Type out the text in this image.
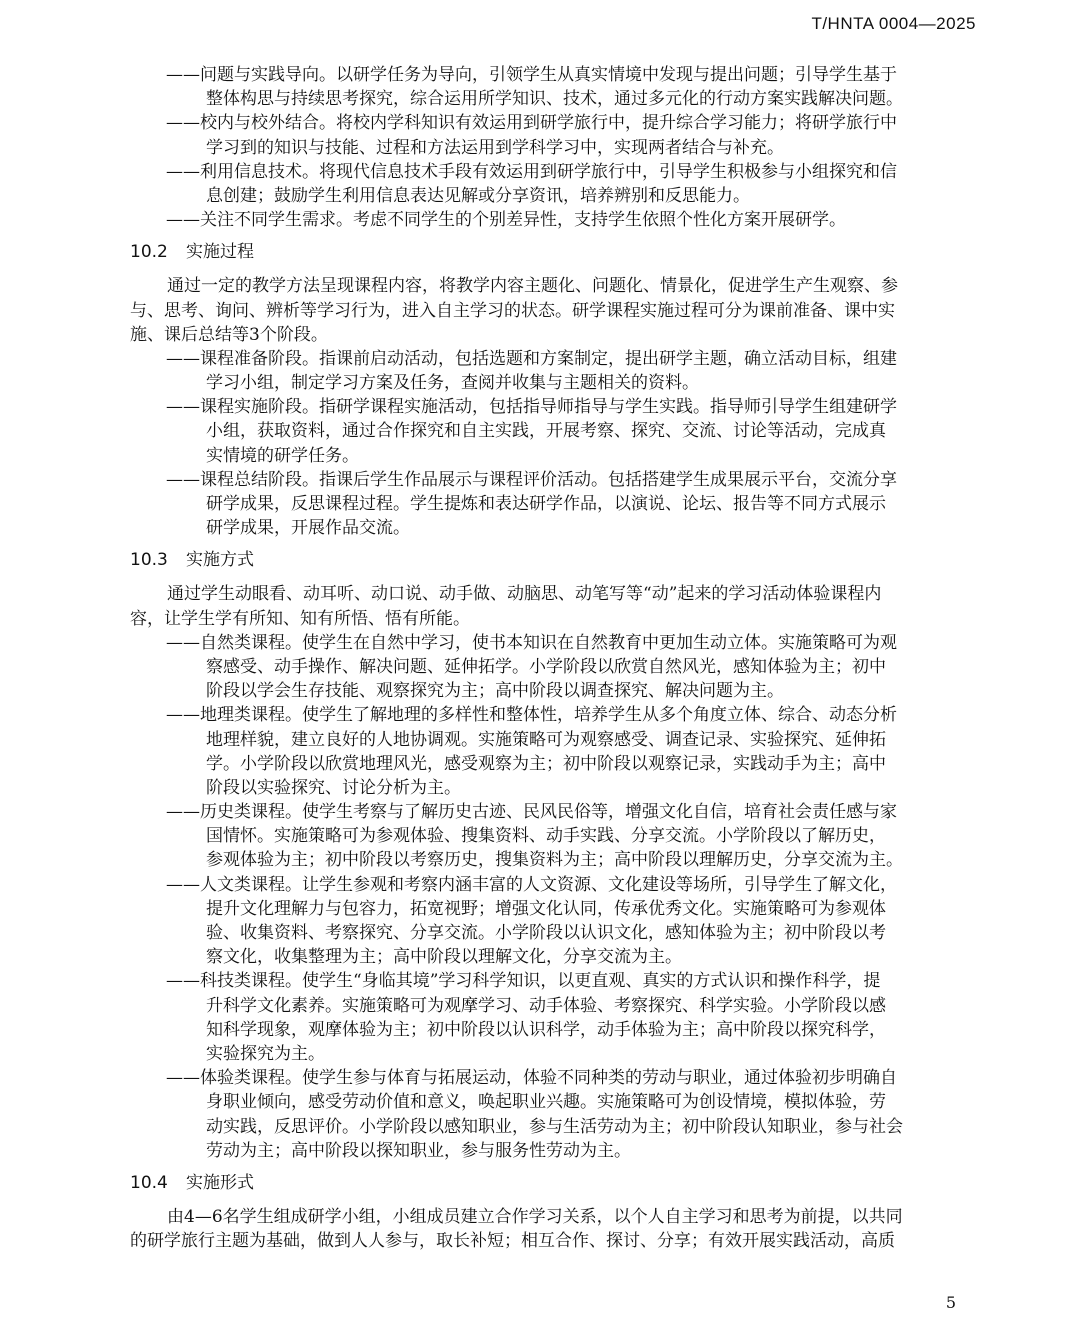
T/HNTA 0004—2025
——问题与实践导向。以研学任务为导向，引领学生从真实情境中发现与提出问题；引导学生基于
整体构思与持续思考探究，综合运用所学知识、技术，通过多元化的行动方案实践解决问题。
——校内与校外结合。将校内学科知识有效运用到研学旅行中，提升综合学习能力；将研学旅行中
学习到的知识与技能、过程和方法运用到学科学习中，实现两者结合与补充。
——利用信息技术。将现代信息技术手段有效运用到研学旅行中，引导学生积极参与小组探究和信
息创建；鼓励学生利用信息表达见解或分享资讯，培养辨别和反思能力。
——关注不同学生需求。考虑不同学生的个别差异性，支持学生依照个性化方案开展研学。
10.2 实施过程
通过一定的教学方法呈现课程内容，将教学内容主题化、问题化、情景化，促进学生产生观察、参
与、思考、询问、辨析等学习行为，进入自主学习的状态。研学课程实施过程可分为课前准备、课中实
施、课后总结等3个阶段。
——课程准备阶段。指课前启动活动，包括选题和方案制定，提出研学主题，确立活动目标，组建
学习小组，制定学习方案及任务，查阅并收集与主题相关的资料。
——课程实施阶段。指研学课程实施活动，包括指导师指导与学生实践。指导师引导学生组建研学
小组，获取资料，通过合作探究和自主实践，开展考察、探究、交流、讨论等活动，完成真
实情境的研学任务。
——课程总结阶段。指课后学生作品展示与课程评价活动。包括搭建学生成果展示平台，交流分享
研学成果，反思课程过程。学生提炼和表达研学作品，以演说、论坛、报告等不同方式展示
研学成果，开展作品交流。
10.3 实施方式
通过学生动眼看、动耳听、动口说、动手做、动脑思、动笔写等“动”起来的学习活动体验课程内
容，让学生学有所知、知有所悟、悟有所能。
——自然类课程。使学生在自然中学习，使书本知识在自然教育中更加生动立体。实施策略可为观
察感受、动手操作、解决问题、延伸拓学。小学阶段以欣赏自然风光，感知体验为主；初中
阶段以学会生存技能、观察探究为主；高中阶段以调查探究、解决问题为主。
——地理类课程。使学生了解地理的多样性和整体性，培养学生从多个角度立体、综合、动态分析
地理样貌，建立良好的人地协调观。实施策略可为观察感受、调查记录、实验探究、延伸拓
学。小学阶段以欣赏地理风光，感受观察为主；初中阶段以观察记录，实践动手为主；高中
阶段以实验探究、讨论分析为主。
——历史类课程。使学生考察与了解历史古迹、民风民俗等，增强文化自信，培育社会责任感与家
国情怀。实施策略可为参观体验、搜集资料、动手实践、分享交流。小学阶段以了解历史，
参观体验为主；初中阶段以考察历史，搜集资料为主；高中阶段以理解历史，分享交流为主。
——人文类课程。让学生参观和考察内涵丰富的人文资源、文化建设等场所，引导学生了解文化，
提升文化理解力与包容力，拓宽视野；增强文化认同，传承优秀文化。实施策略可为参观体
验、收集资料、考察探究、分享交流。小学阶段以认识文化，感知体验为主；初中阶段以考
察文化，收集整理为主；高中阶段以理解文化，分享交流为主。
——科技类课程。使学生“身临其境”学习科学知识，以更直观、真实的方式认识和操作科学，提
升科学文化素养。实施策略可为观摩学习、动手体验、考察探究、科学实验。小学阶段以感
知科学现象，观摩体验为主；初中阶段以认识科学，动手体验为主；高中阶段以探究科学，
实验探究为主。
——体验类课程。使学生参与体育与拓展运动，体验不同种类的劳动与职业，通过体验初步明确自
身职业倾向，感受劳动价值和意义，唤起职业兴趣。实施策略可为创设情境，模拟体验，劳
动实践，反思评价。小学阶段以感知职业，参与生活劳动为主；初中阶段认知职业，参与社会
劳动为主；高中阶段以探知职业，参与服务性劳动为主。
10.4 实施形式
由4—6名学生组成研学小组，小组成员建立合作学习关系，以个人自主学习和思考为前提，以共同
的研学旅行主题为基础，做到人人参与，取长补短；相互合作、探讨、分享；有效开展实践活动，高质
5
